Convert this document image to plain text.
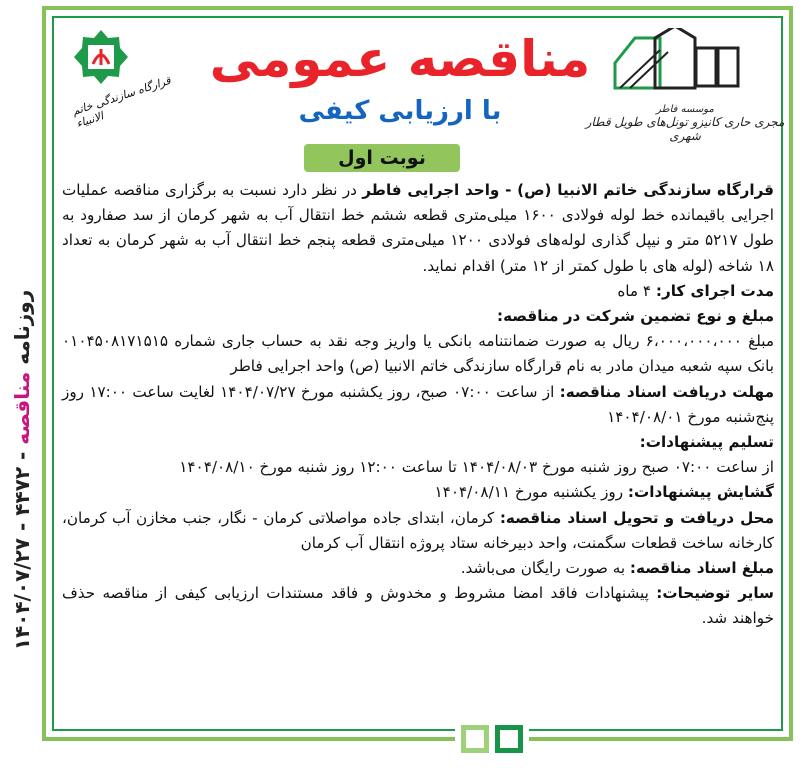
روزنامه مناقصه - ۴۴۷۲ - ۱۴۰۴/۰۷/۲۷
موسسه فاطر
مجری حاری کانیزو تونل‌های طویل قطار شهری
قرارگاه سازندگی خاتم الانبیاء
مناقصه عمومی
با ارزیابی کیفی
نوبت اول

قرارگاه سازندگی خاتم الانبیا (ص) - واحد اجرایی فاطر در نظر دارد نسبت به برگزاری مناقصه عملیات اجرایی باقیمانده خط لوله فولادی ۱۶۰۰ میلی‌متری قطعه ششم خط انتقال آب به شهر کرمان از سد صفارود به طول ۵۲۱۷ متر و نیپل گذاری لوله‌های فولادی ۱۲۰۰ میلی‌متری قطعه پنجم خط انتقال آب به شهر کرمان به تعداد ۱۸ شاخه (لوله های با طول کمتر از ۱۲ متر) اقدام نماید.

مدت اجرای کار: ۴ ماه

مبلغ و نوع تضمین شرکت در مناقصه:

مبلغ ۶،۰۰۰،۰۰۰،۰۰۰ ریال به صورت ضمانتنامه بانکی یا واریز وجه نقد به حساب جاری شماره ۰۱۰۴۵۰۸۱۷۱۵۱۵ بانک سپه شعبه میدان مادر به نام قرارگاه سازندگی خاتم الانبیا (ص) واحد اجرایی فاطر

مهلت دریافت اسناد مناقصه: از ساعت ۰۷:۰۰ صبح، روز یکشنبه مورخ ۱۴۰۴/۰۷/۲۷ لغایت ساعت ۱۷:۰۰ روز پنج‌شنبه مورخ ۱۴۰۴/۰۸/۰۱

تسلیم پیشنهادات:

از ساعت ۰۷:۰۰ صبح روز شنبه مورخ ۱۴۰۴/۰۸/۰۳ تا ساعت ۱۲:۰۰ روز شنبه مورخ ۱۴۰۴/۰۸/۱۰

گشایش پیشنهادات: روز یکشنبه مورخ ۱۴۰۴/۰۸/۱۱

محل دریافت و تحویل اسناد مناقصه: کرمان، ابتدای جاده مواصلاتی کرمان - نگار، جنب مخازن آب کرمان، کارخانه ساخت قطعات سگمنت، واحد دبیرخانه ستاد پروژه انتقال آب کرمان

مبلغ اسناد مناقصه: به صورت رایگان می‌باشد.

سایر توضیحات: پیشنهادات فاقد امضا مشروط و مخدوش و فاقد مستندات ارزیابی کیفی از مناقصه حذف خواهند شد.
